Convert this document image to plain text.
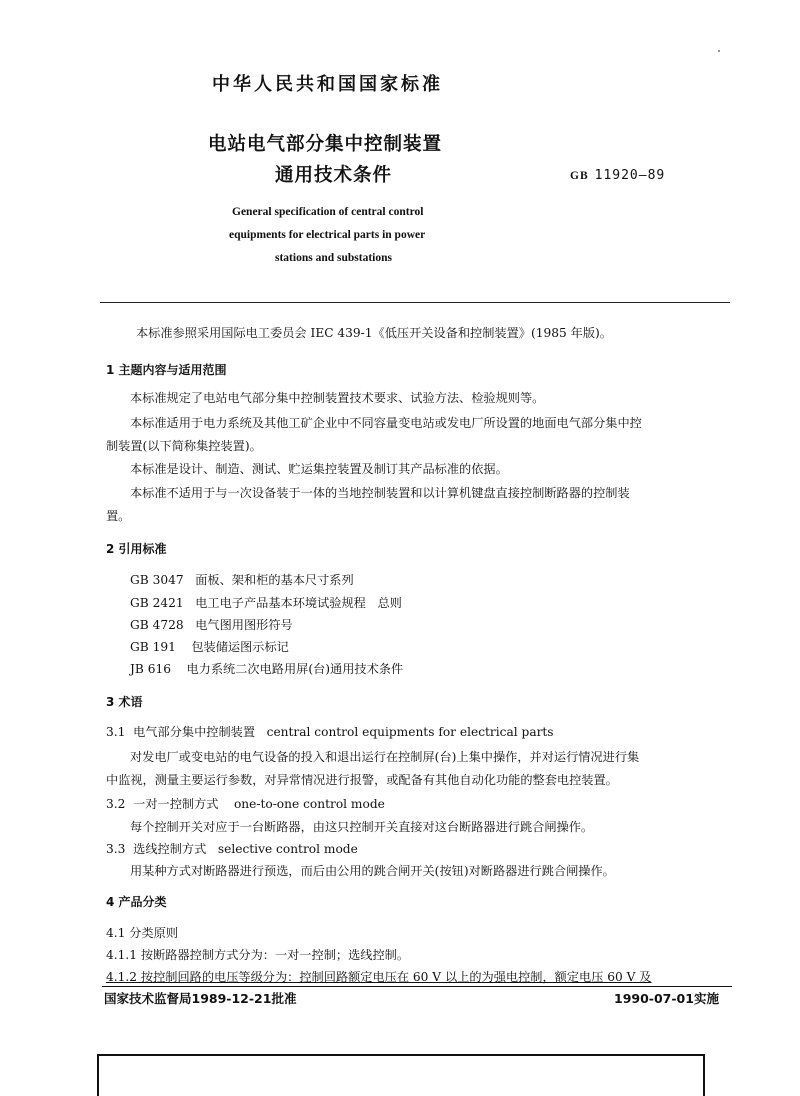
中华人民共和国国家标准
电站电气部分集中控制装置
通用技术条件	GB 11920—89
General specification of central control
equipments for electrical parts in power
stations and substations
本标准参照采用国际电工委员会 IEC 439-1《低压开关设备和控制装置》(1985 年版)。
1 主题内容与适用范围
本标准规定了电站电气部分集中控制装置技术要求、试验方法、检验规则等。
本标准适用于电力系统及其他工矿企业中不同容量变电站或发电厂所设置的地面电气部分集中控
制装置(以下简称集控装置)。
本标准是设计、制造、测试、贮运集控装置及制订其产品标准的依据。
本标准不适用于与一次设备装于一体的当地控制装置和以计算机键盘直接控制断路器的控制装
置。
2 引用标准
GB 3047   面板、架和柜的基本尺寸系列
GB 2421   电工电子产品基本环境试验规程   总则
GB 4728   电气图用图形符号
GB 191    包装储运图示标记
JB 616    电力系统二次电路用屏(台)通用技术条件
3 术语
3.1  电气部分集中控制装置   central control equipments for electrical parts
对发电厂或变电站的电气设备的投入和退出运行在控制屏(台)上集中操作，并对运行情况进行集
中监视，测量主要运行参数，对异常情况进行报警，或配备有其他自动化功能的整套电控装置。
3.2  一对一控制方式    one-to-one control mode
每个控制开关对应于一台断路器，由这只控制开关直接对这台断路器进行跳合闸操作。
3.3  选线控制方式   selective control mode
用某种方式对断路器进行预选，而后由公用的跳合闸开关(按钮)对断路器进行跳合闸操作。
4 产品分类
4.1 分类原则
4.1.1 按断路器控制方式分为：一对一控制；选线控制。
4.1.2 按控制回路的电压等级分为：控制回路额定电压在 60 V 以上的为强电控制，额定电压 60 V 及
国家技术监督局1989-12-21批准	1990-07-01实施
